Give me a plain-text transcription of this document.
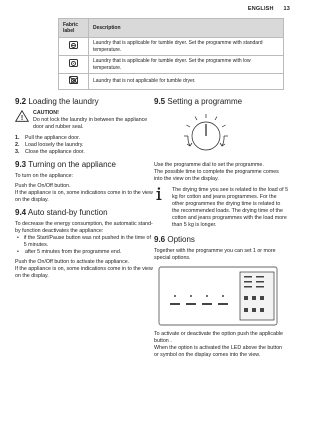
ENGLISH 13
Fabric label	Description

	Laundry that is applicable for tumble dryer. Set the programme with standard temperature.

	Laundry that is applicable for tumble dryer. Set the programme with low temperature.

	Laundry that is not applicable for tumble dryer.
9.2 Loading the laundry
!
CAUTION!
Do not lock the laundry in between the appliance door and rubber seal.
1.	Pull the appliance door.
2.	Load loosely the laundry.
3.	Close the appliance door.
9.3 Turning on the appliance

To turn on the appliance:

Push the On/Off button.
If the appliance is on, some indications come in to the view on the display.

9.4 Auto stand-by function

To decrease the energy consumption, the automatic stand-by function deactivates the appliance:

• if the Start/Pause button was not pushed in the time of 5 minutes.
•	after 5 minutes from the programme end.

Push the On/Off button to activate the appliance.

If the appliance is on, some indications come in to the view on the display.

9.5 Setting a programme

Use the programme dial to set the programme.
The possible time to complete the programme comes into the view on the display.

The drying time you see is related to the load of 5 kg for cotton and jeans programmes. For the other programmes the drying time is related to the recommended loads. The drying time of the cotton and jeans programmes with the load more than 5 kg is longer.
9.6 Options

Together with the programme you can set 1 or more special options.

To activate or deactivate the option push the applicable button .
When the option is activated the LED above the button or symbol on the display comes into the view.
